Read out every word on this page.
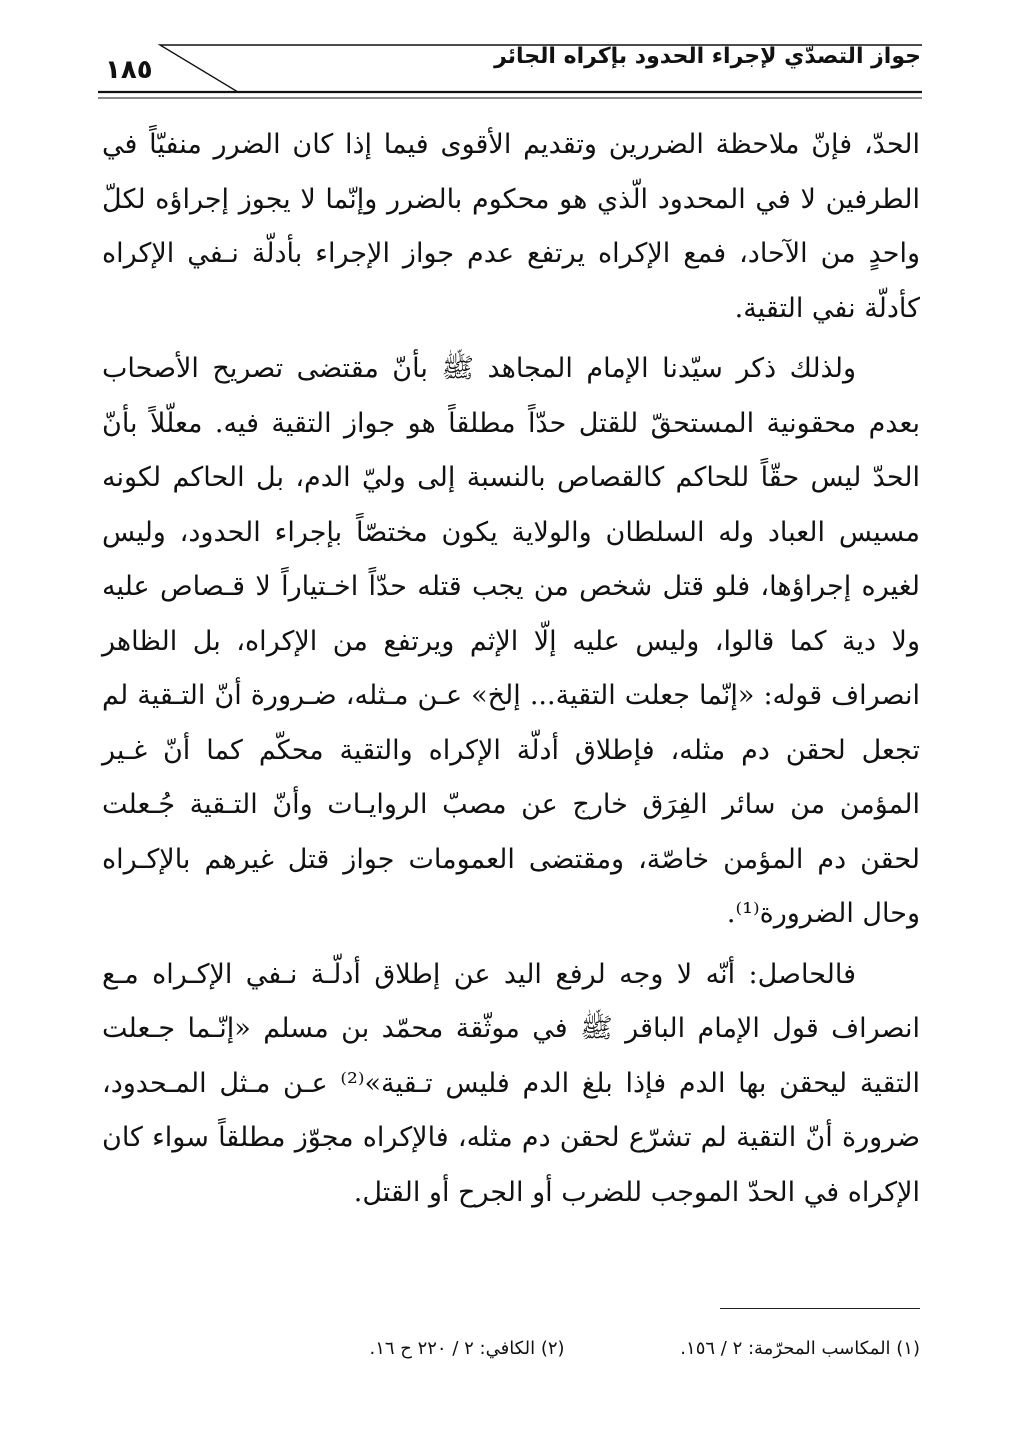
جواز التصدّي لإجراء الحدود بإكراه الجائر
١٨٥

الحدّ، فإنّ ملاحظة الضررين وتقديم الأقوى فيما إذا كان الضرر منفيّاً في الطرفين لا في المحدود الّذي هو محكوم بالضرر وإنّما لا يجوز إجراؤه لكلّ واحدٍ من الآحاد، فمع الإكراه يرتفع عدم جواز الإجراء بأدلّة نـفي الإكراه كأدلّة نفي التقية.

ولذلك ذكر سيّدنا الإمام المجاهد ﷺ بأنّ مقتضى تصريح الأصحاب بعدم محقونية المستحقّ للقتل حدّاً مطلقاً هو جواز التقية فيه. معلّلاً بأنّ الحدّ ليس حقّاً للحاكم كالقصاص بالنسبة إلى وليّ الدم، بل الحاكم لكونه مسيس العباد وله السلطان والولاية يكون مختصّاً بإجراء الحدود، وليس لغيره إجراؤها، فلو قتل شخص من يجب قتله حدّاً اخـتياراً لا قـصاص عليه ولا دية كما قالوا، وليس عليه إلّا الإثم ويرتفع من الإكراه، بل الظاهر انصراف قوله: «إنّما جعلت التقية... إلخ» عـن مـثله، ضـرورة أنّ التـقية لم تجعل لحقن دم مثله، فإطلاق أدلّة الإكراه والتقية محكّم كما أنّ غـير المؤمن من سائر الفِرَق خارج عن مصبّ الروايـات وأنّ التـقية جُـعلت لحقن دم المؤمن خاصّة، ومقتضى العمومات جواز قتل غيرهم بالإكـراه وحال الضرورة⁽¹⁾.

فالحاصل: أنّه لا وجه لرفع اليد عن إطلاق أدلّـة نـفي الإكـراه مـع انصراف قول الإمام الباقر ﷺ في موثّقة محمّد بن مسلم «إنّـما جـعلت التقية ليحقن بها الدم فإذا بلغ الدم فليس تـقية»⁽²⁾ عـن مـثل المـحدود، ضرورة أنّ التقية لم تشرّع لحقن دم مثله، فالإكراه مجوّز مطلقاً سواء كان الإكراه في الحدّ الموجب للضرب أو الجرح أو القتل.

(١) المكاسب المحرّمة: ٢ / ١٥٦. (٢) الكافي: ٢ / ٢٢٠ ح ١٦.
